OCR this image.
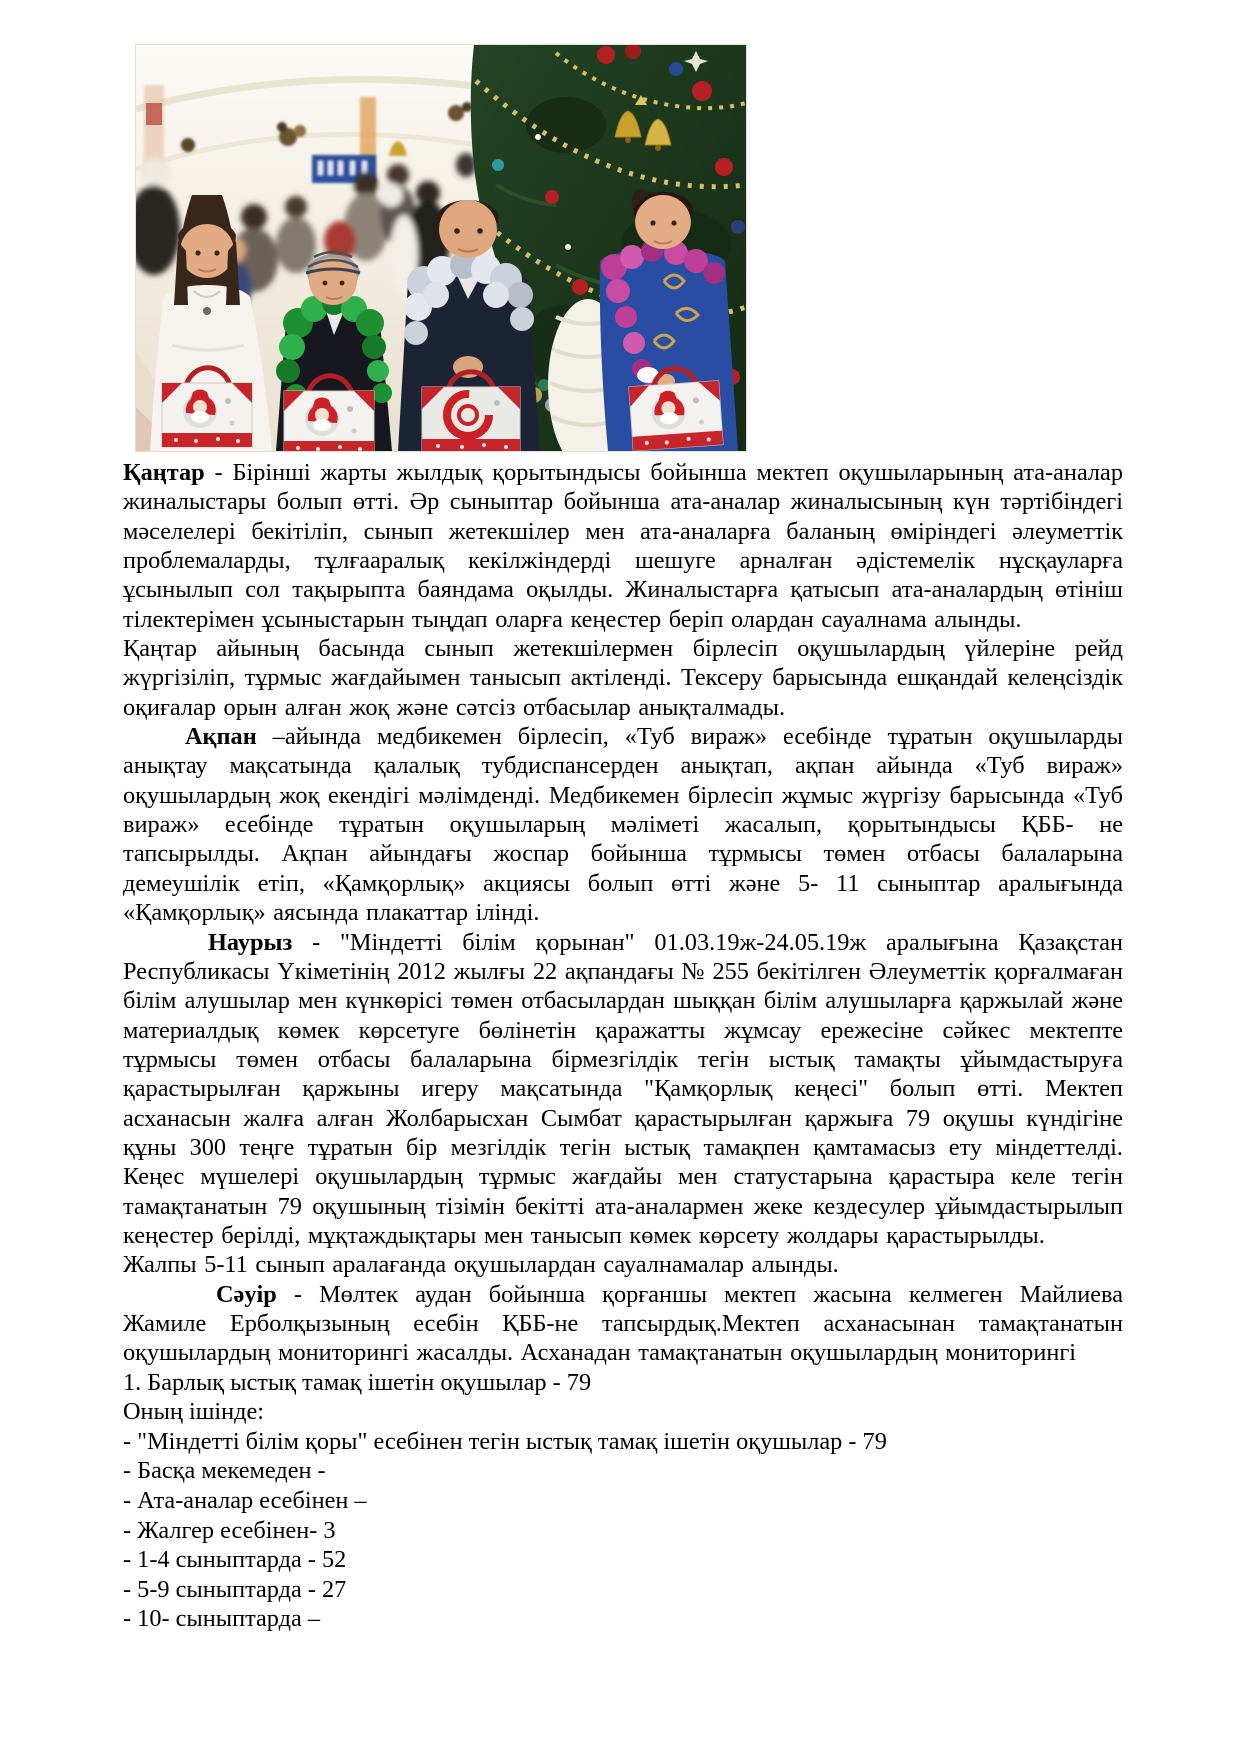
Қаңтар - Бірінші жарты жылдық қорытындысы бойынша мектеп оқушыларының ата-аналар жиналыстары болып өтті. Әр сыныптар бойынша ата-аналар жиналысының күн тәртібіндегі мәселелері бекітіліп, сынып жетекшілер мен ата-аналарға баланың өміріндегі әлеуметтік проблемаларды, тұлғааралық кекілжіндерді шешуге арналған әдістемелік нұсқауларға ұсынылып сол тақырыпта баяндама оқылды. Жиналыстарға қатысып ата-аналардың өтініш тілектерімен ұсыныстарын тыңдап оларға кеңестер беріп олардан сауалнама алынды.

Қаңтар айының басында сынып жетекшілермен бірлесіп оқушылардың үйлеріне рейд жүргізіліп, тұрмыс жағдайымен танысып актіленді. Тексеру барысында ешқандай келеңсіздік оқиғалар орын алған жоқ және сәтсіз отбасылар анықталмады.

Ақпан –айында медбикемен бірлесіп, «Туб вираж» есебінде тұратын оқушыларды анықтау мақсатында қалалық тубдиспансерден анықтап, ақпан айында «Туб вираж» оқушылардың жоқ екендігі мәлімденді. Медбикемен бірлесіп жұмыс жүргізу барысында «Туб вираж» есебінде тұратын оқушыларың мәліметі жасалып, қорытындысы ҚББ- не тапсырылды. Ақпан айындағы жоспар бойынша тұрмысы төмен отбасы балаларына демеушілік етіп, «Қамқорлық» акциясы болып өтті және 5- 11 сыныптар аралығында «Қамқорлық» аясында плакаттар ілінді.

Наурыз - "Міндетті білім қорынан" 01.03.19ж-24.05.19ж аралығына Қазақстан Республикасы Үкіметінің 2012 жылғы 22 ақпандағы № 255 бекітілген Әлеуметтік қорғалмаған білім алушылар мен күнкөрісі төмен отбасылардан шыққан білім алушыларға қаржылай және материалдық көмек көрсетуге бөлінетін қаражатты жұмсау ережесіне сәйкес мектепте тұрмысы төмен отбасы балаларына бірмезгілдік тегін ыстық тамақты ұйымдастыруға қарастырылған қаржыны игеру мақсатында "Қамқорлық кеңесі" болып өтті. Мектеп асханасын жалға алған Жолбарысхан Сымбат қарастырылған қаржыға 79 оқушы күндігіне құны 300 теңге тұратын бір мезгілдік тегін ыстық тамақпен қамтамасыз ету міндеттелді. Кеңес мүшелері оқушылардың тұрмыс жағдайы мен статустарына қарастыра келе тегін тамақтанатын 79 оқушының тізімін бекітті ата-аналармен жеке кездесулер ұйымдастырылып кеңестер берілді, мұқтаждықтары мен танысып көмек көрсету жолдары қарастырылды.

Жалпы 5-11 сынып аралағанда оқушылардан сауалнамалар алынды.

Сәуір - Мөлтек аудан бойынша қорғаншы мектеп жасына келмеген Майлиева Жамиле Ерболқызының есебін ҚББ-не тапсырдық.Мектеп асханасынан тамақтанатын оқушылардың мониторингі жасалды. Асханадан тамақтанатын оқушылардың мониторингі

1. Барлық ыстық тамақ ішетін оқушылар - 79

Оның ішінде:

- "Міндетті білім қоры" есебінен тегін ыстық тамақ ішетін оқушылар - 79

- Басқа мекемеден -

- Ата-аналар есебінен –

- Жалгер есебінен- 3

- 1-4 сыныптарда - 52

- 5-9 сыныптарда - 27

- 10- сыныптарда –
